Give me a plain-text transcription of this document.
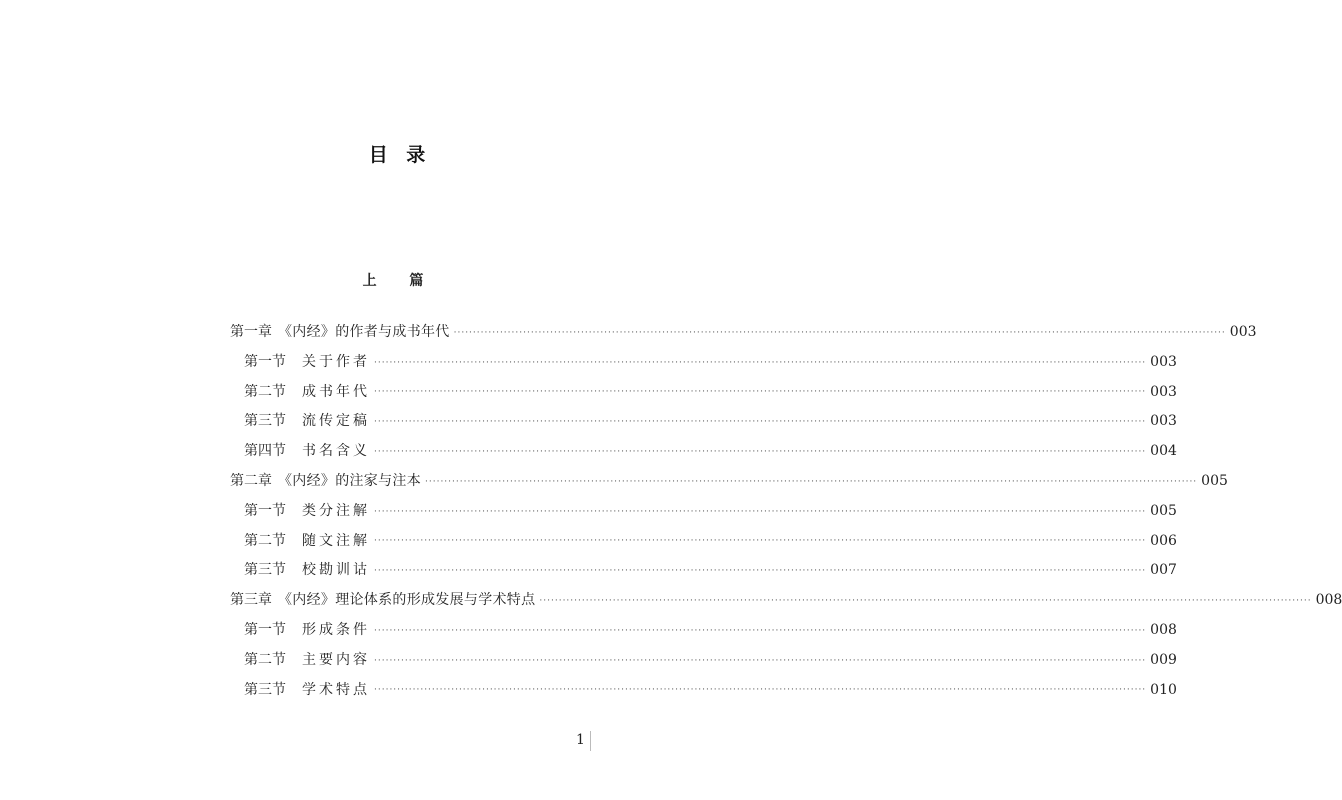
目 录
上 篇
第一章 《内经》的作者与成书年代 ········································································································································································································ 003
第一节 关于作者 ········································································································································································································ 003
第二节 成书年代 ········································································································································································································ 003
第三节 流传定稿 ········································································································································································································ 003
第四节 书名含义 ········································································································································································································ 004
第二章 《内经》的注家与注本 ········································································································································································································ 005
第一节 类分注解 ········································································································································································································ 005
第二节 随文注解 ········································································································································································································ 006
第三节 校勘训诂 ········································································································································································································ 007
第三章 《内经》理论体系的形成发展与学术特点 ········································································································································································································ 008
第一节 形成条件 ········································································································································································································ 008
第二节 主要内容 ········································································································································································································ 009
第三节 学术特点 ········································································································································································································ 010
1
